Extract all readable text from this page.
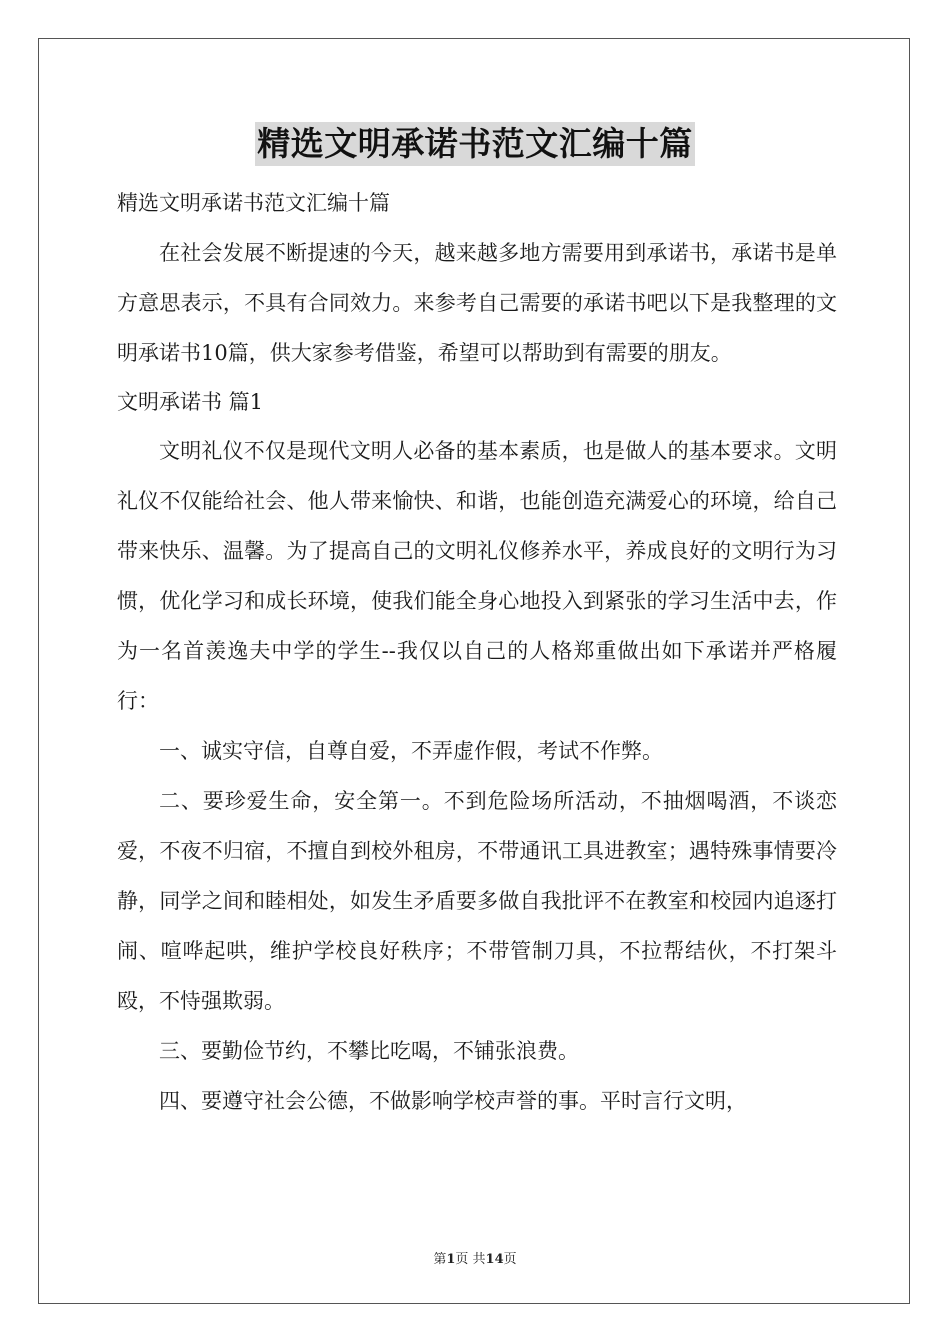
精选文明承诺书范文汇编十篇

精选文明承诺书范文汇编十篇

在社会发展不断提速的今天，越来越多地方需要用到承诺书，承诺书是单方意思表示，不具有合同效力。来参考自己需要的承诺书吧以下是我整理的文明承诺书10篇，供大家参考借鉴，希望可以帮助到有需要的朋友。

文明承诺书 篇1

文明礼仪不仅是现代文明人必备的基本素质，也是做人的基本要求。文明礼仪不仅能给社会、他人带来愉快、和谐，也能创造充满爱心的环境，给自己带来快乐、温馨。为了提高自己的文明礼仪修养水平，养成良好的文明行为习惯，优化学习和成长环境，使我们能全身心地投入到紧张的学习生活中去，作为一名首羡逸夫中学的学生--我仅以自己的人格郑重做出如下承诺并严格履行：

一、诚实守信，自尊自爱，不弄虚作假，考试不作弊。

二、要珍爱生命，安全第一。不到危险场所活动，不抽烟喝酒，不谈恋爱，不夜不归宿，不擅自到校外租房，不带通讯工具进教室；遇特殊事情要冷静，同学之间和睦相处，如发生矛盾要多做自我批评不在教室和校园内追逐打闹、喧哗起哄，维护学校良好秩序；不带管制刀具，不拉帮结伙，不打架斗殴，不恃强欺弱。

三、要勤俭节约，不攀比吃喝，不铺张浪费。

四、要遵守社会公德，不做影响学校声誉的事。平时言行文明，

第1页 共14页
